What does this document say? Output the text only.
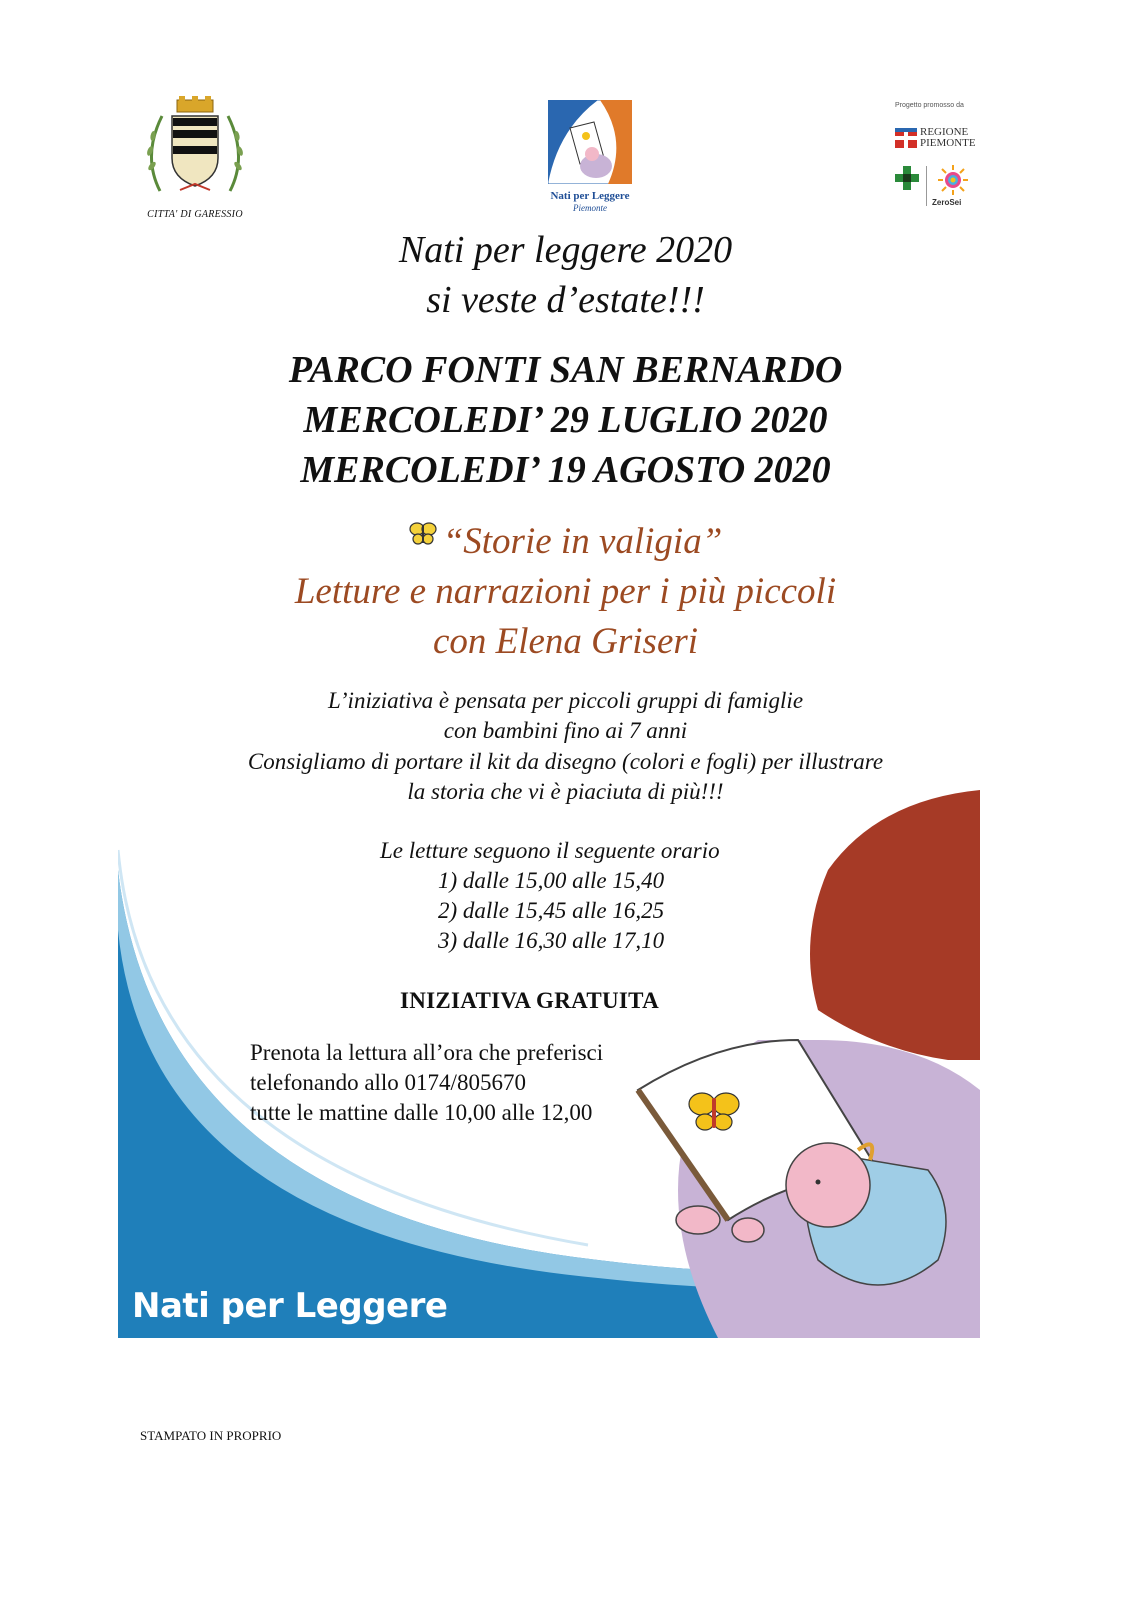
CITTA' DI GARESSIO
Nati per Leggere
Piemonte
Progetto promosso da
REGIONE
PIEMONTE
ZeroSei
Nati per leggere 2020
si veste d’estate!!!
PARCO FONTI SAN BERNARDO
MERCOLEDI’ 29 LUGLIO 2020
MERCOLEDI’ 19 AGOSTO 2020
“Storie in valigia”
Letture e narrazioni per i più piccoli
con Elena Griseri
L’iniziativa è pensata per piccoli gruppi di famiglie
con bambini fino ai 7 anni
Consigliamo di portare il kit da disegno (colori e fogli) per illustrare
la storia che vi è piaciuta di più!!!
Le letture seguono il seguente orario
1) dalle 15,00 alle 15,40
2) dalle 15,45 alle 16,25
3) dalle 16,30 alle 17,10
INIZIATIVA GRATUITA
Prenota la lettura all’ora che preferisci
telefonando allo 0174/805670
tutte le mattine dalle 10,00 alle 12,00
Nati per Leggere
STAMPATO IN PROPRIO
